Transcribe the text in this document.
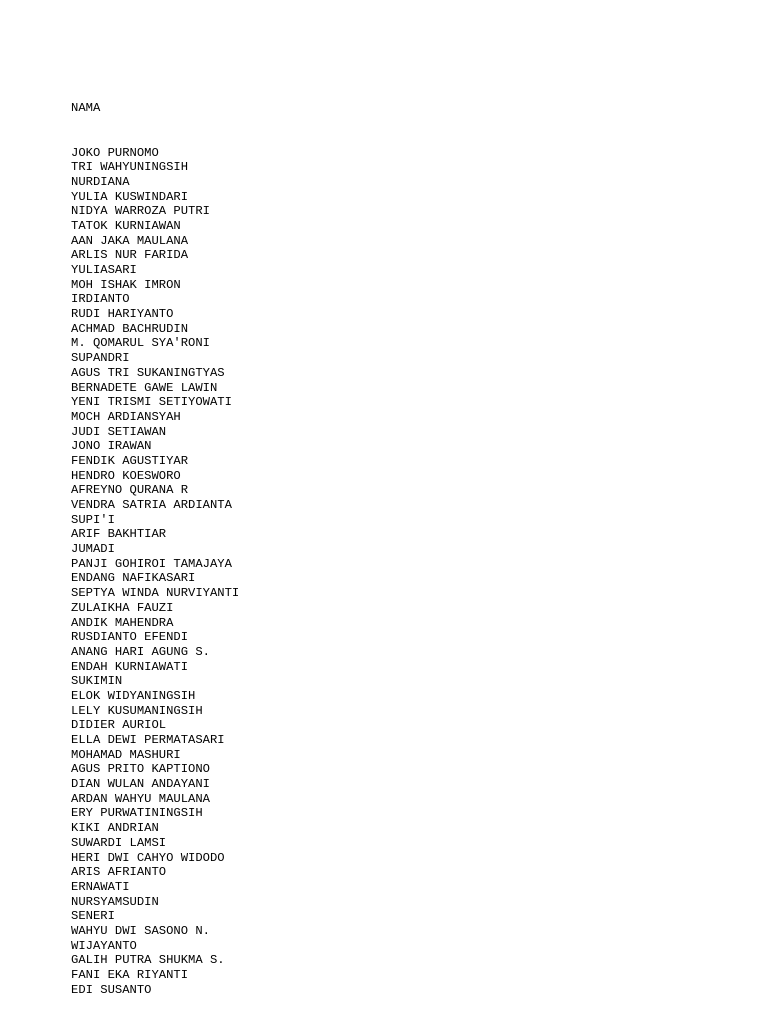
NAMA

JOKO PURNOMO
TRI WAHYUNINGSIH
NURDIANA
YULIA KUSWINDARI
NIDYA WARROZA PUTRI
TATOK KURNIAWAN
AAN JAKA MAULANA
ARLIS NUR FARIDA
YULIASARI
MOH ISHAK IMRON
IRDIANTO
RUDI HARIYANTO
ACHMAD BACHRUDIN
M. QOMARUL SYA'RONI
SUPANDRI
AGUS TRI SUKANINGTYAS
BERNADETE GAWE LAWIN
YENI TRISMI SETIYOWATI
MOCH ARDIANSYAH
JUDI SETIAWAN
JONO IRAWAN
FENDIK AGUSTIYAR
HENDRO KOESWORO
AFREYNO QURANA R
VENDRA SATRIA ARDIANTA
SUPI'I
ARIF BAKHTIAR
JUMADI
PANJI GOHIROI TAMAJAYA
ENDANG NAFIKASARI
SEPTYA WINDA NURVIYANTI
ZULAIKHA FAUZI
ANDIK MAHENDRA
RUSDIANTO EFENDI
ANANG HARI AGUNG S.
ENDAH KURNIAWATI
SUKIMIN
ELOK WIDYANINGSIH
LELY KUSUMANINGSIH
DIDIER AURIOL
ELLA DEWI PERMATASARI
MOHAMAD MASHURI
AGUS PRITO KAPTIONO
DIAN WULAN ANDAYANI
ARDAN WAHYU MAULANA
ERY PURWATININGSIH
KIKI ANDRIAN
SUWARDI LAMSI
HERI DWI CAHYO WIDODO
ARIS AFRIANTO
ERNAWATI
NURSYAMSUDIN
SENERI
WAHYU DWI SASONO N.
WIJAYANTO
GALIH PUTRA SHUKMA S.
FANI EKA RIYANTI
EDI SUSANTO
